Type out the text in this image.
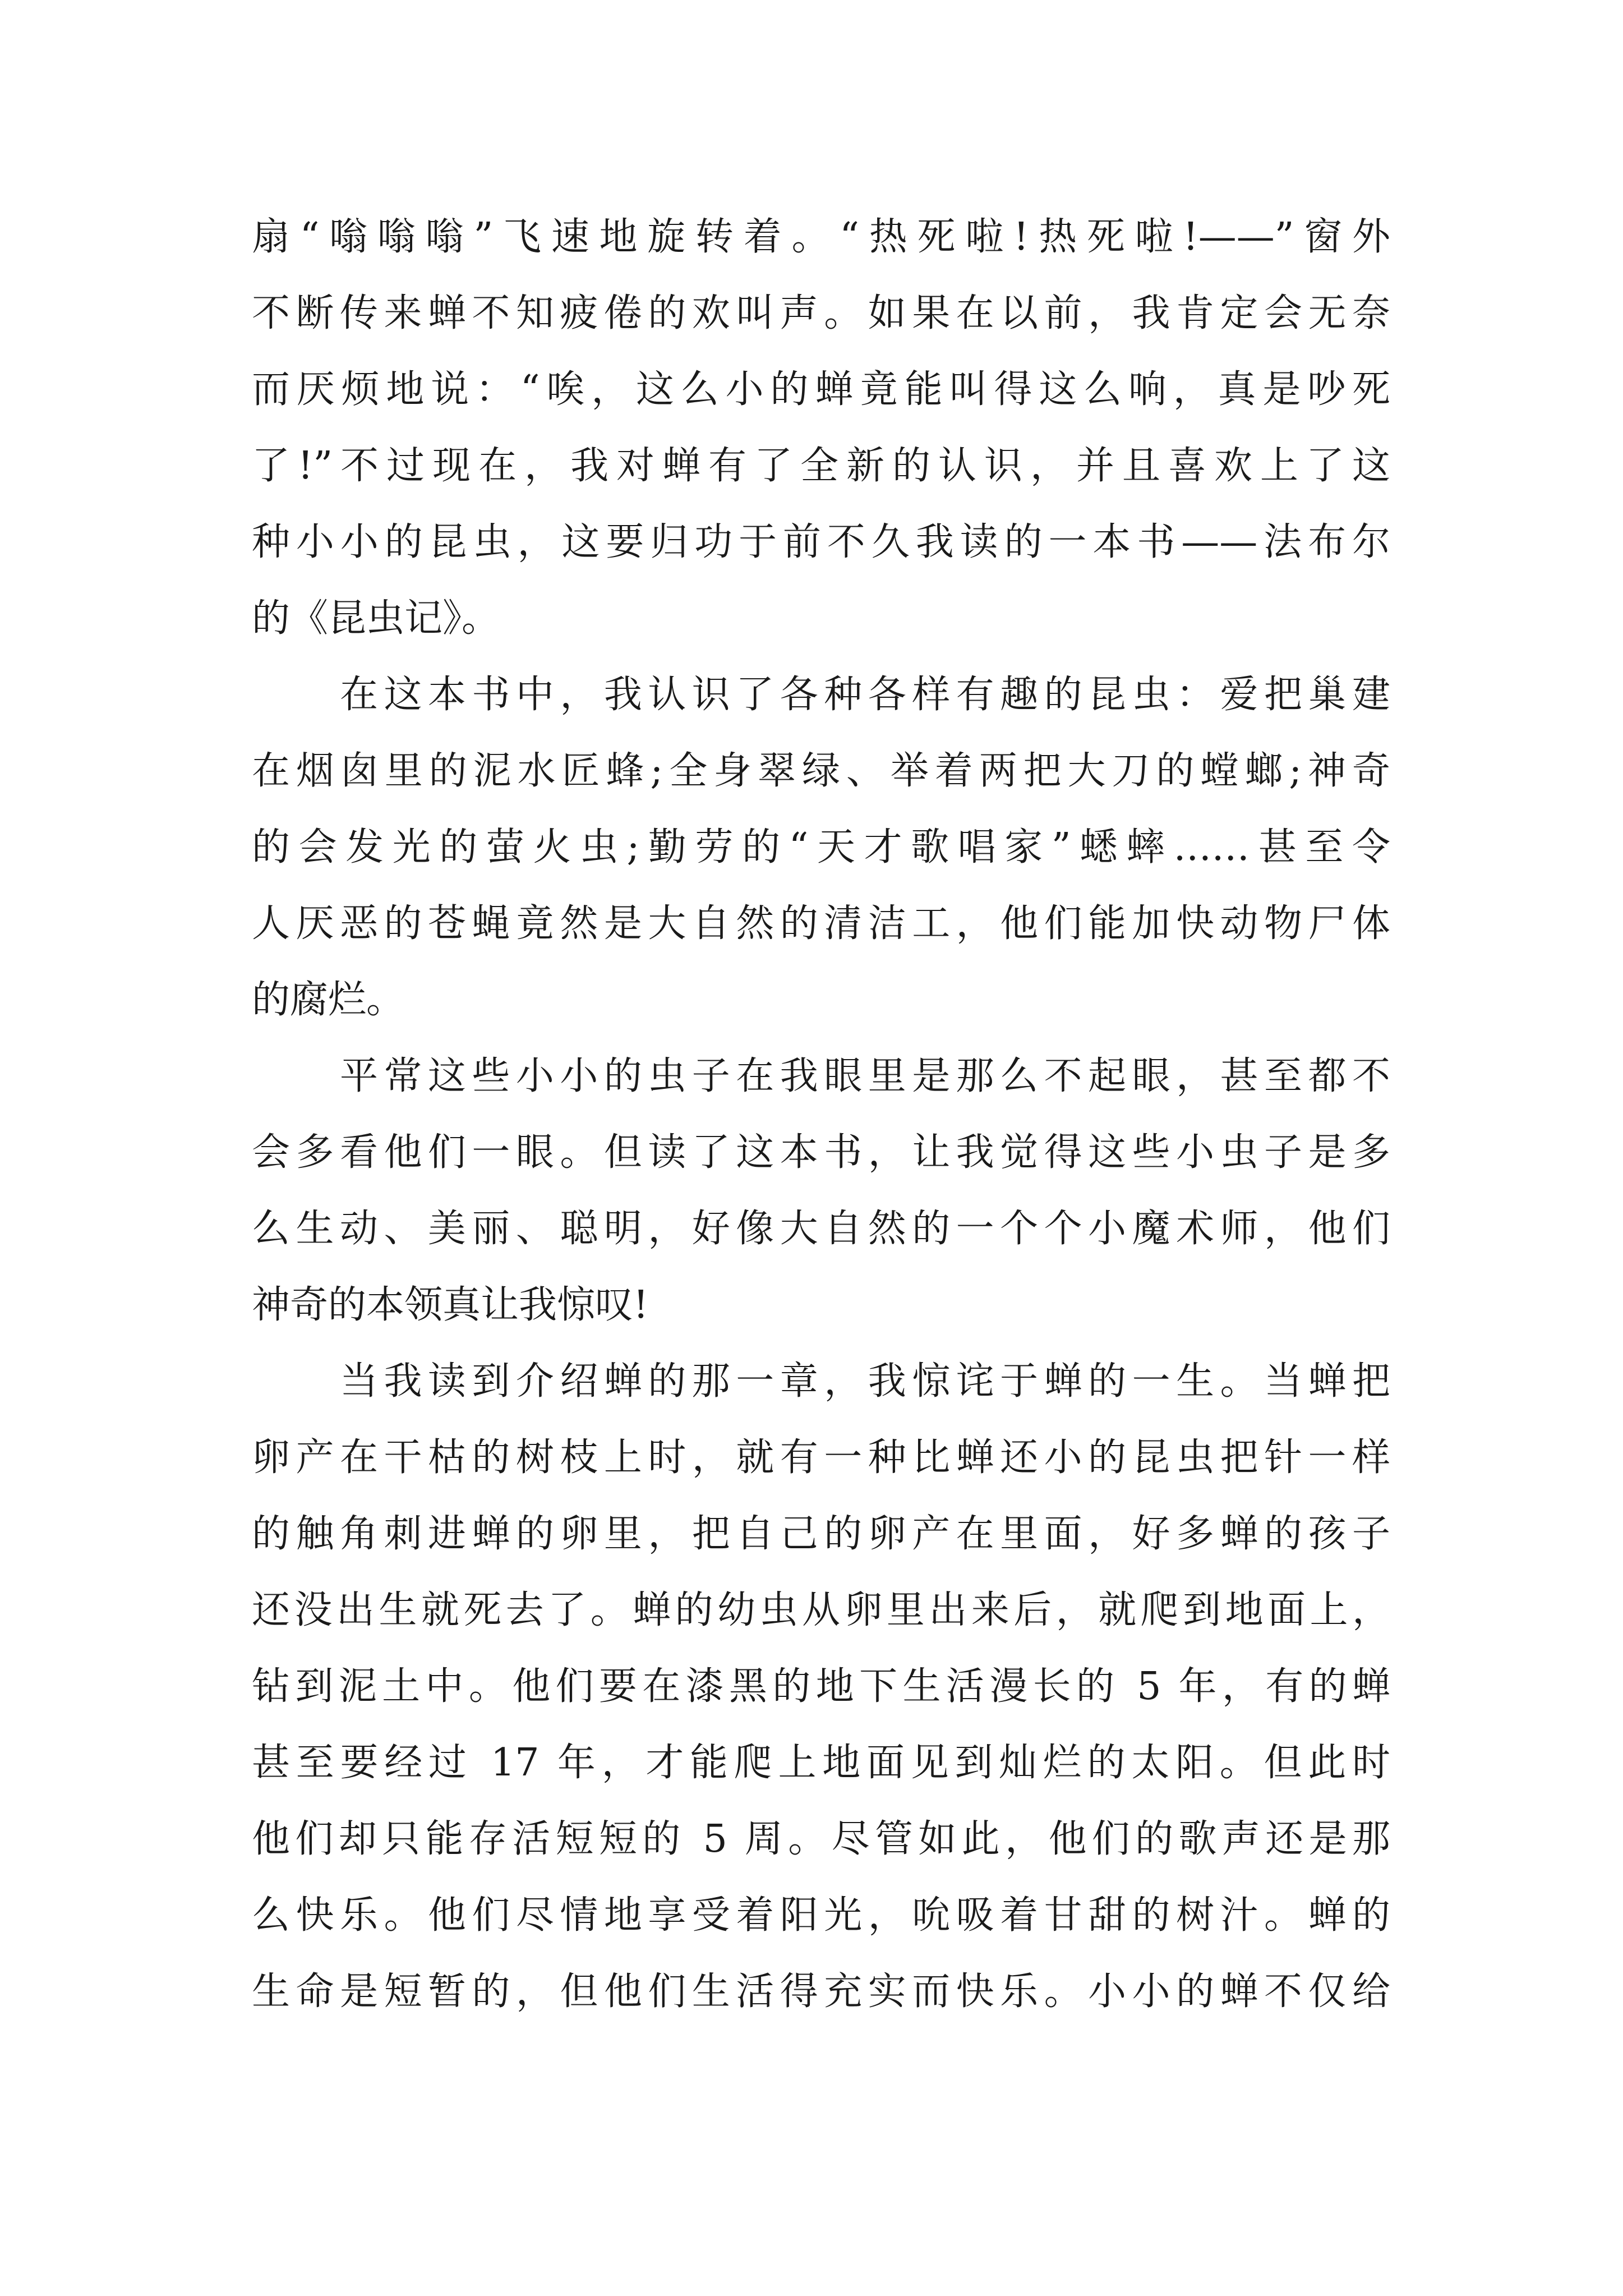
扇“嗡嗡嗡”飞速地旋转着。“热死啦!热死啦!——”窗外
不断传来蝉不知疲倦的欢叫声。如果在以前，我肯定会无奈
而厌烦地说：“唉，这么小的蝉竟能叫得这么响，真是吵死
了!”不过现在，我对蝉有了全新的认识，并且喜欢上了这
种小小的昆虫，这要归功于前不久我读的一本书——法布尔
的《昆虫记》。
　　在这本书中，我认识了各种各样有趣的昆虫：爱把巢建
在烟囱里的泥水匠蜂;全身翠绿、举着两把大刀的螳螂;神奇
的会发光的萤火虫;勤劳的“天才歌唱家”蟋蟀……甚至令
人厌恶的苍蝇竟然是大自然的清洁工，他们能加快动物尸体
的腐烂。
　　平常这些小小的虫子在我眼里是那么不起眼，甚至都不
会多看他们一眼。但读了这本书，让我觉得这些小虫子是多
么生动、美丽、聪明，好像大自然的一个个小魔术师，他们
神奇的本领真让我惊叹!
　　当我读到介绍蝉的那一章，我惊诧于蝉的一生。当蝉把
卵产在干枯的树枝上时，就有一种比蝉还小的昆虫把针一样
的触角刺进蝉的卵里，把自己的卵产在里面，好多蝉的孩子
还没出生就死去了。蝉的幼虫从卵里出来后，就爬到地面上，
钻到泥土中。他们要在漆黑的地下生活漫长的 5 年，有的蝉
甚至要经过 17 年，才能爬上地面见到灿烂的太阳。但此时
他们却只能存活短短的 5 周。尽管如此，他们的歌声还是那
么快乐。他们尽情地享受着阳光，吮吸着甘甜的树汁。蝉的
生命是短暂的，但他们生活得充实而快乐。小小的蝉不仅给
